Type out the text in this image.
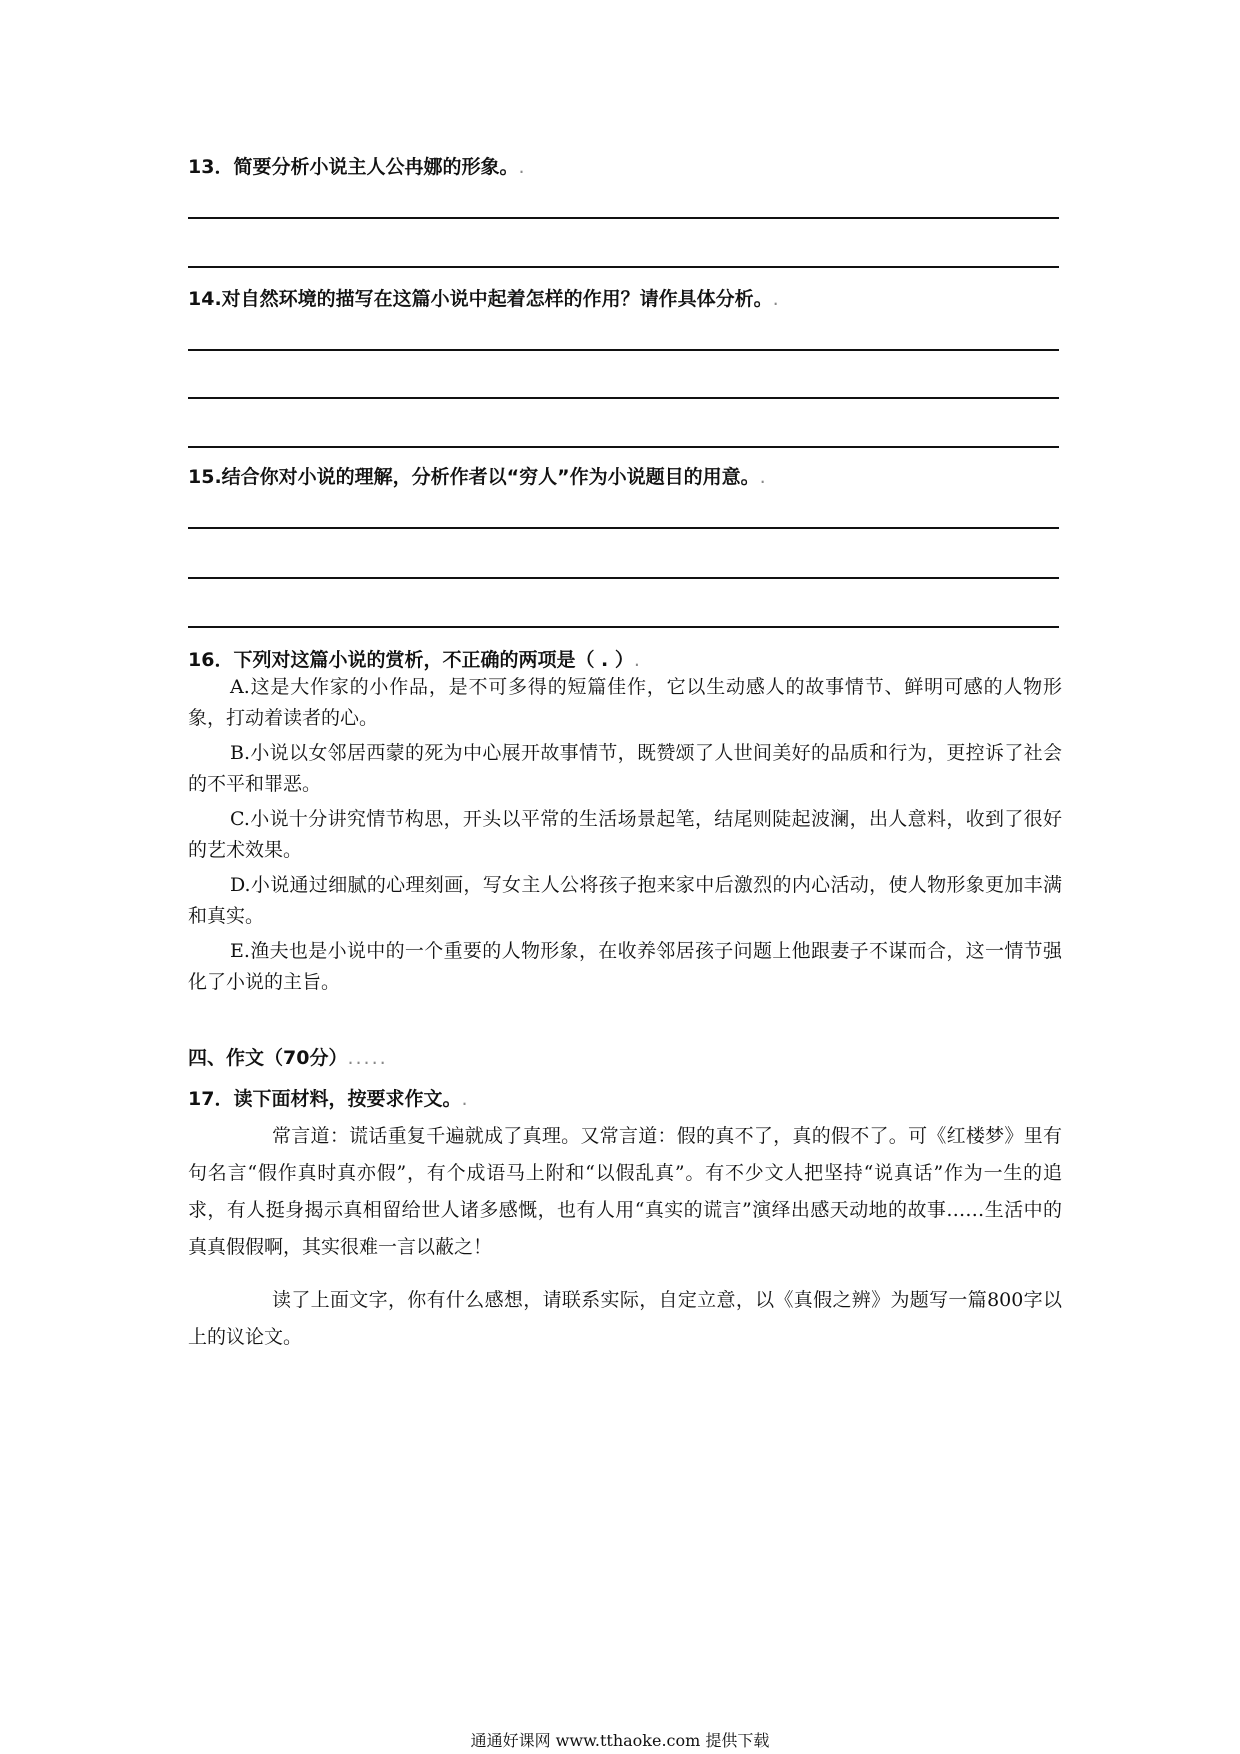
13．简要分析小说主人公冉娜的形象。.
14.对自然环境的描写在这篇小说中起着怎样的作用？请作具体分析。.
15.结合你对小说的理解，分析作者以“穷人”作为小说题目的用意。.
16．下列对这篇小说的赏析，不正确的两项是（ . ）.
A.这是大作家的小作品，是不可多得的短篇佳作，它以生动感人的故事情节、鲜明可感的人物形象，打动着读者的心。
B.小说以女邻居西蒙的死为中心展开故事情节，既赞颂了人世间美好的品质和行为，更控诉了社会的不平和罪恶。
C.小说十分讲究情节构思，开头以平常的生活场景起笔，结尾则陡起波澜，出人意料，收到了很好的艺术效果。
D.小说通过细腻的心理刻画，写女主人公将孩子抱来家中后激烈的内心活动，使人物形象更加丰满和真实。
E.渔夫也是小说中的一个重要的人物形象，在收养邻居孩子问题上他跟妻子不谋而合，这一情节强化了小说的主旨。
四、作文（70分）.....
17．读下面材料，按要求作文。.
常言道：谎话重复千遍就成了真理。又常言道：假的真不了，真的假不了。可《红楼梦》里有句名言“假作真时真亦假”，有个成语马上附和“以假乱真”。有不少文人把坚持“说真话”作为一生的追求，有人挺身揭示真相留给世人诸多感慨，也有人用“真实的谎言”演绎出感天动地的故事……生活中的真真假假啊，其实很难一言以蔽之！
读了上面文字，你有什么感想，请联系实际，自定立意，以《真假之辨》为题写一篇800字以上的议论文。
通通好课网 www.tthaoke.com 提供下载
